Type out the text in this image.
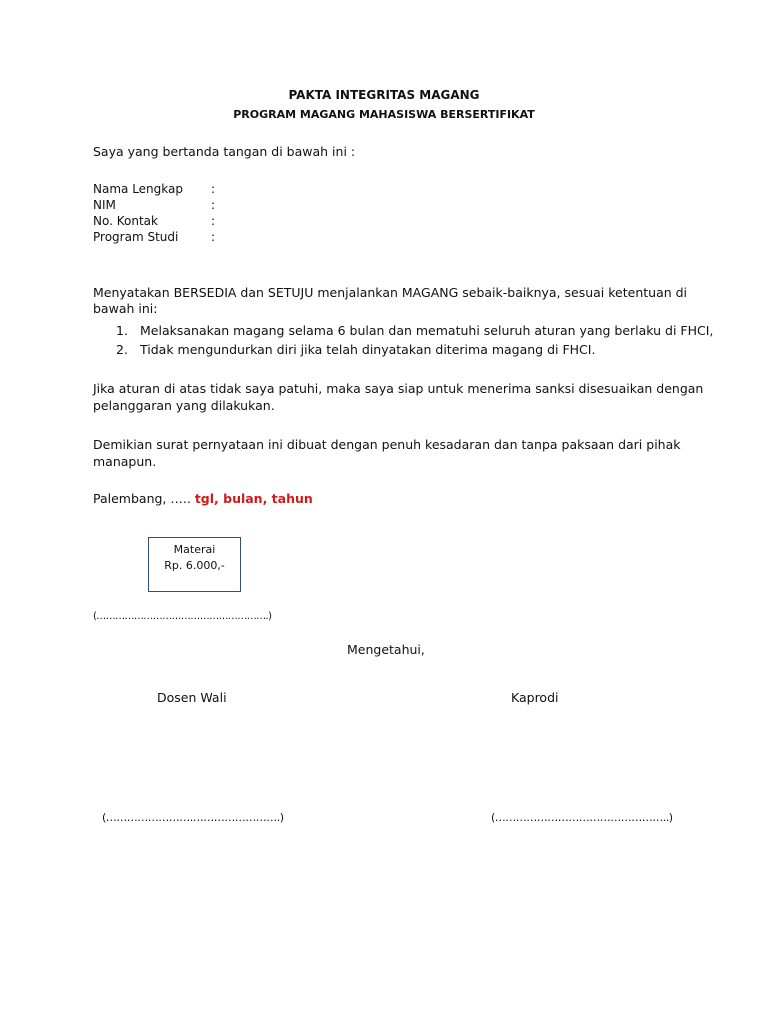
PAKTA INTEGRITAS MAGANG
PROGRAM MAGANG MAHASISWA BERSERTIFIKAT
Saya yang bertanda tangan di bawah ini :
Nama Lengkap :
NIM	:
No. Kontak	:
Program Studi	:
Menyatakan BERSEDIA dan SETUJU menjalankan MAGANG sebaik-baiknya, sesuai ketentuan di
bawah ini:
1. Melaksanakan magang selama 6 bulan dan mematuhi seluruh aturan yang berlaku di FHCI,
2. Tidak mengundurkan diri jika telah dinyatakan diterima magang di FHCI.
Jika aturan di atas tidak saya patuhi, maka saya siap untuk menerima sanksi disesuaikan dengan
pelanggaran yang dilakukan.
Demikian surat pernyataan ini dibuat dengan penuh kesadaran dan tanpa paksaan dari pihak
manapun.
Palembang, ….. tgl, bulan, tahun
Materai
Rp. 6.000,-
(……………………………………………….)
Mengetahui,
Dosen Wali	Kaprodi
(…………………….…………………….)	(…………………………………………..)
